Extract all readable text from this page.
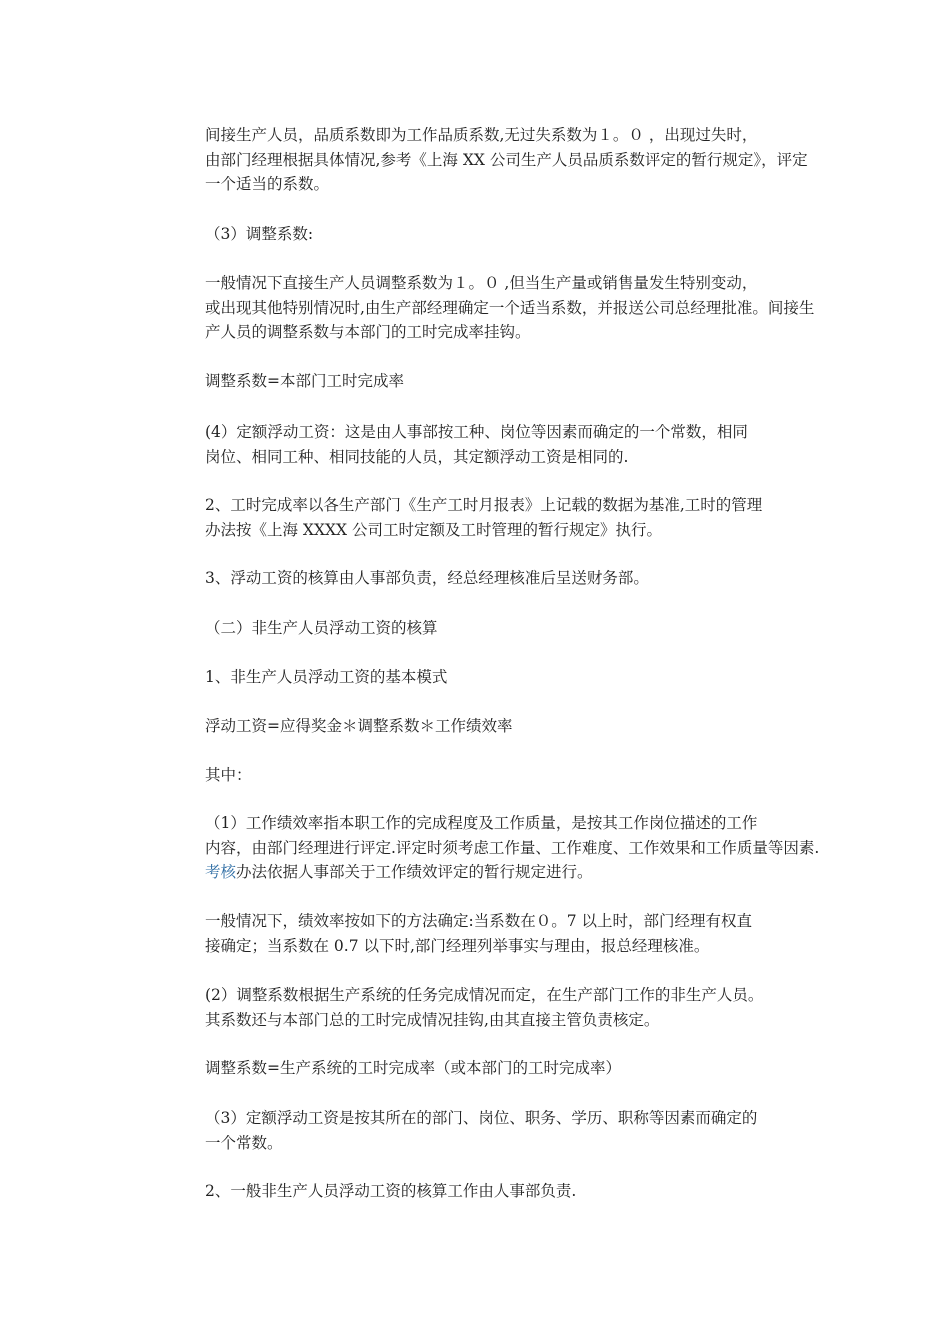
间接生产人员，品质系数即为工作品质系数,无过失系数为１。０ ，出现过失时，
由部门经理根据具体情况,参考《上海 XX 公司生产人员品质系数评定的暂行规定》，评定
一个适当的系数。

（3）调整系数:

一般情况下直接生产人员调整系数为１。０ ,但当生产量或销售量发生特别变动，
或出现其他特别情况时,由生产部经理确定一个适当系数，并报送公司总经理批准。间接生
产人员的调整系数与本部门的工时完成率挂钩。

调整系数=本部门工时完成率

(4）定额浮动工资：这是由人事部按工种、岗位等因素而确定的一个常数，相同
岗位、相同工种、相同技能的人员，其定额浮动工资是相同的.

2、工时完成率以各生产部门《生产工时月报表》上记载的数据为基准,工时的管理
办法按《上海 XXXX 公司工时定额及工时管理的暂行规定》执行。

3、浮动工资的核算由人事部负责，经总经理核准后呈送财务部。

（二）非生产人员浮动工资的核算

1、非生产人员浮动工资的基本模式

浮动工资=应得奖金＊调整系数＊工作绩效率

其中：

（1）工作绩效率指本职工作的完成程度及工作质量，是按其工作岗位描述的工作
内容，由部门经理进行评定.评定时须考虑工作量、工作难度、工作效果和工作质量等因素.
考核办法依据人事部关于工作绩效评定的暂行规定进行。

一般情况下，绩效率按如下的方法确定:当系数在０。7 以上时，部门经理有权直
接确定；当系数在 0.7 以下时,部门经理列举事实与理由，报总经理核准。

(2）调整系数根据生产系统的任务完成情况而定，在生产部门工作的非生产人员。
其系数还与本部门总的工时完成情况挂钩,由其直接主管负责核定。

调整系数=生产系统的工时完成率（或本部门的工时完成率）

（3）定额浮动工资是按其所在的部门、岗位、职务、学历、职称等因素而确定的
一个常数。

2、一般非生产人员浮动工资的核算工作由人事部负责.
